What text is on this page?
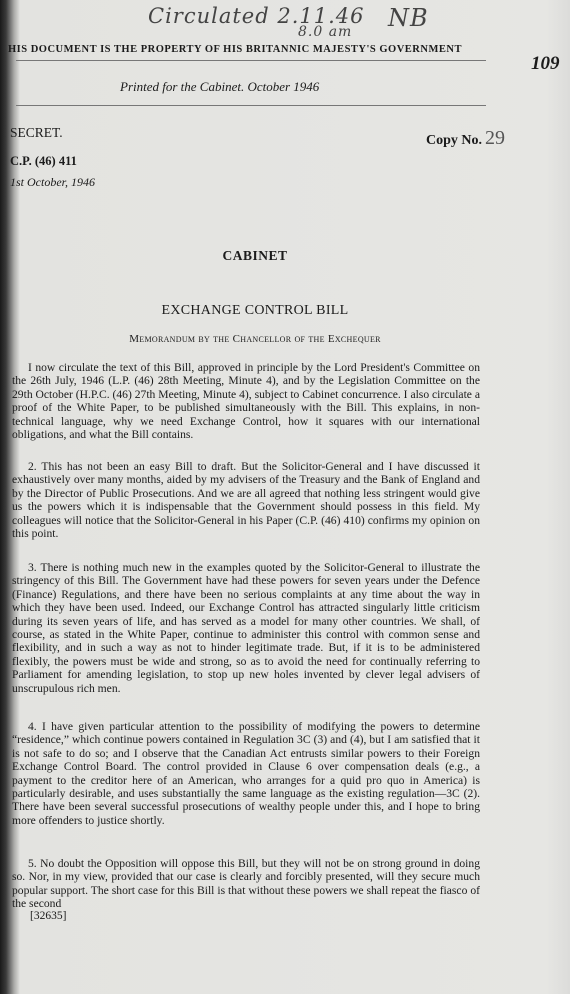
Circulated 2.11.46
8.0 am NB
109
HIS DOCUMENT IS THE PROPERTY OF HIS BRITANNIC MAJESTY'S GOVERNMENT
Printed for the Cabinet. October 1946
SECRET.
C.P. (46) 411
1st October, 1946
Copy No. 29
CABINET
EXCHANGE CONTROL BILL
Memorandum by the Chancellor of the Exchequer

I now circulate the text of this Bill, approved in principle by the Lord President's Committee on the 26th July, 1946 (L.P. (46) 28th Meeting, Minute 4), and by the Legislation Committee on the 29th October (H.P.C. (46) 27th Meeting, Minute 4), subject to Cabinet concurrence. I also circulate a proof of the White Paper, to be published simultaneously with the Bill. This explains, in non-technical language, why we need Exchange Control, how it squares with our international obligations, and what the Bill contains.

2. This has not been an easy Bill to draft. But the Solicitor-General and I have discussed it exhaustively over many months, aided by my advisers of the Treasury and the Bank of England and by the Director of Public Prosecutions. And we are all agreed that nothing less stringent would give us the powers which it is indispensable that the Government should possess in this field. My colleagues will notice that the Solicitor-General in his Paper (C.P. (46) 410) confirms my opinion on this point.

3. There is nothing much new in the examples quoted by the Solicitor-General to illustrate the stringency of this Bill. The Government have had these powers for seven years under the Defence (Finance) Regulations, and there have been no serious complaints at any time about the way in which they have been used. Indeed, our Exchange Control has attracted singularly little criticism during its seven years of life, and has served as a model for many other countries. We shall, of course, as stated in the White Paper, continue to administer this control with common sense and flexibility, and in such a way as not to hinder legitimate trade. But, if it is to be administered flexibly, the powers must be wide and strong, so as to avoid the need for continually referring to Parliament for amending legislation, to stop up new holes invented by clever legal advisers of unscrupulous rich men.

4. I have given particular attention to the possibility of modifying the powers to determine “residence,” which continue powers contained in Regulation 3C (3) and (4), but I am satisfied that it is not safe to do so; and I observe that the Canadian Act entrusts similar powers to their Foreign Exchange Control Board. The control provided in Clause 6 over compensation deals (e.g., a payment to the creditor here of an American, who arranges for a quid pro quo in America) is particularly desirable, and uses substantially the same language as the existing regulation—3C (2). There have been several successful prosecutions of wealthy people under this, and I hope to bring more offenders to justice shortly.

5. No doubt the Opposition will oppose this Bill, but they will not be on strong ground in doing so. Nor, in my view, provided that our case is clearly and forcibly presented, will they secure much popular support. The short case for this Bill is that without these powers we shall repeat the fiasco of the second

[32635]
